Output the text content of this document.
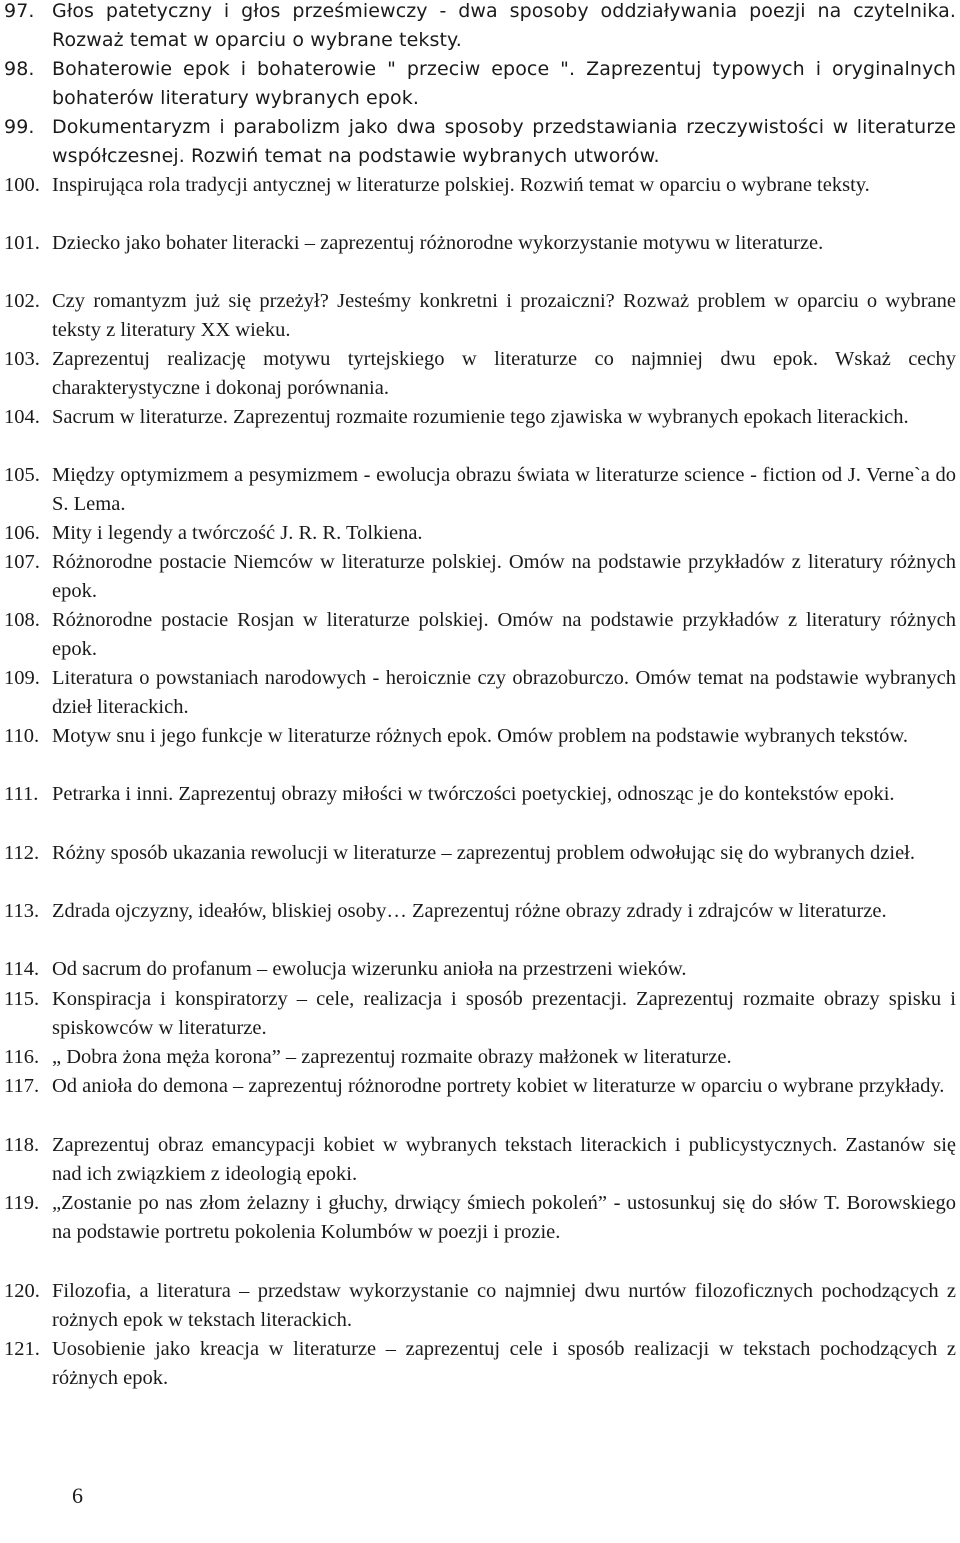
97. Głos patetyczny i głos prześmiewczy - dwa sposoby oddziaływania poezji na czytelnika. Rozważ temat w oparciu o wybrane teksty.
98. Bohaterowie epok i bohaterowie " przeciw epoce ". Zaprezentuj typowych i oryginalnych bohaterów literatury wybranych epok.
99. Dokumentaryzm i parabolizm jako dwa sposoby przedstawiania rzeczywistości w literaturze współczesnej. Rozwiń temat na podstawie wybranych utworów.
100. Inspirująca rola tradycji antycznej w literaturze polskiej. Rozwiń temat w oparciu o wybrane teksty.
101. Dziecko jako bohater literacki – zaprezentuj różnorodne wykorzystanie motywu w literaturze.
102. Czy romantyzm już się przeżył? Jesteśmy konkretni i prozaiczni? Rozważ problem w oparciu o wybrane teksty z literatury XX wieku.
103. Zaprezentuj realizację motywu tyrtejskiego w literaturze co najmniej dwu epok. Wskaż cechy charakterystyczne i dokonaj porównania.
104. Sacrum w literaturze. Zaprezentuj rozmaite rozumienie tego zjawiska w wybranych epokach literackich.
105. Między optymizmem a pesymizmem - ewolucja obrazu świata w literaturze science - fiction od J. Verne`a do S. Lema.
106. Mity i legendy a twórczość J. R. R. Tolkiena.
107. Różnorodne postacie Niemców w literaturze polskiej. Omów na podstawie przykładów z literatury różnych epok.
108. Różnorodne postacie Rosjan w literaturze polskiej. Omów na podstawie przykładów z literatury różnych epok.
109. Literatura o powstaniach narodowych - heroicznie czy obrazoburczo. Omów temat na podstawie wybranych dzieł literackich.
110. Motyw snu i jego funkcje w literaturze różnych epok. Omów problem na podstawie wybranych tekstów.
111. Petrarka i inni. Zaprezentuj obrazy miłości w twórczości poetyckiej, odnosząc je do kontekstów epoki.
112. Różny sposób ukazania rewolucji w literaturze – zaprezentuj problem odwołując się do wybranych dzieł.
113. Zdrada ojczyzny, ideałów, bliskiej osoby… Zaprezentuj różne obrazy zdrady i zdrajców w literaturze.
114. Od sacrum do profanum – ewolucja wizerunku anioła na przestrzeni wieków.
115. Konspiracja i konspiratorzy – cele, realizacja i sposób prezentacji. Zaprezentuj rozmaite obrazy spisku i spiskowców w literaturze.
116. „ Dobra żona męża korona” – zaprezentuj rozmaite obrazy małżonek w literaturze.
117. Od anioła do demona – zaprezentuj różnorodne portrety kobiet w literaturze w oparciu o wybrane przykłady.
118. Zaprezentuj obraz emancypacji kobiet w wybranych tekstach literackich i publicystycznych. Zastanów się nad ich związkiem z ideologią epoki.
119. „Zostanie po nas złom żelazny i głuchy, drwiący śmiech pokoleń” - ustosunkuj się do słów T. Borowskiego na podstawie portretu pokolenia Kolumbów w poezji i prozie.
120. Filozofia, a literatura – przedstaw wykorzystanie co najmniej dwu nurtów filozoficznych pochodzących z rożnych epok w tekstach literackich.
121. Uosobienie jako kreacja w literaturze – zaprezentuj cele i sposób realizacji w tekstach pochodzących z różnych epok.
6
